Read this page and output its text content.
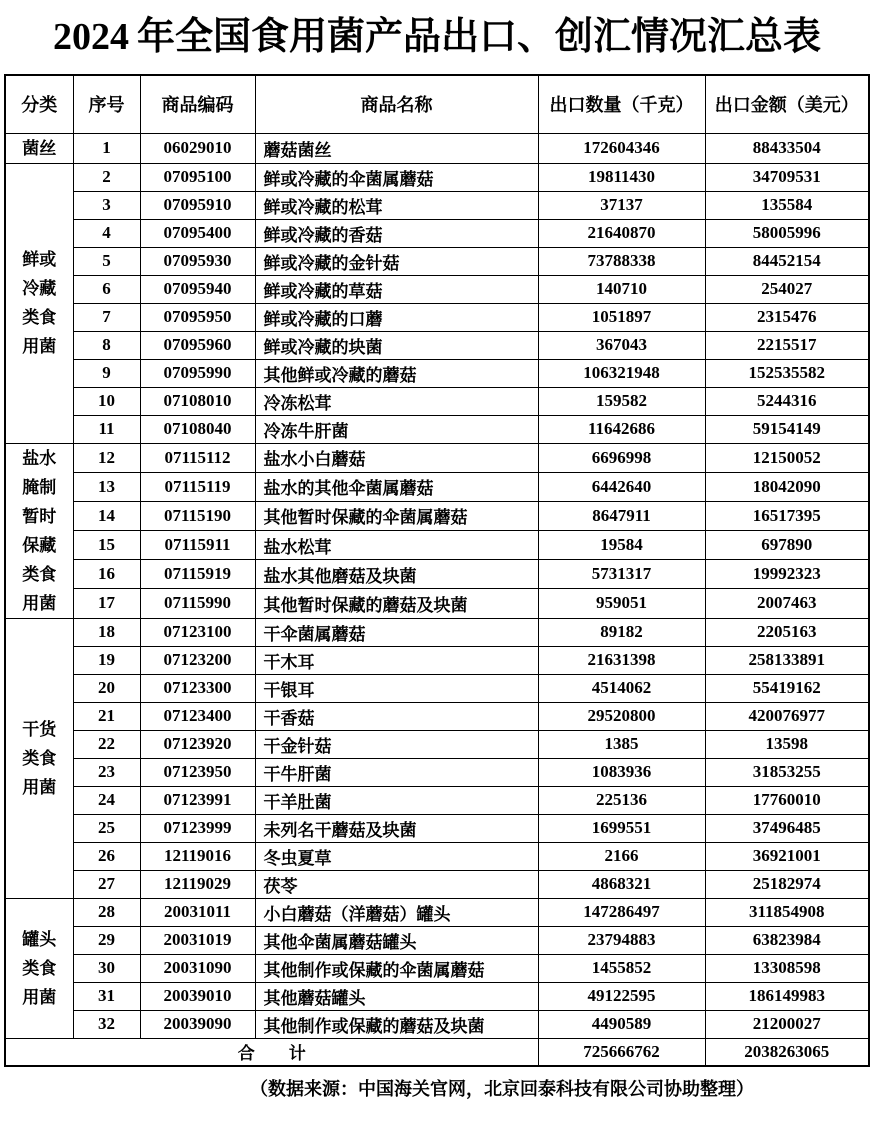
2024 年全国食用菌产品出口、创汇情况汇总表
分类	序号	商品编码	商品名称	出口数量（千克）	出口金额（美元）
菌丝	1	06029010	蘑菇菌丝	172604346	88433504
鲜或冷藏类食用菌	2	07095100	鲜或冷藏的伞菌属蘑菇	19811430	34709531
	3	07095910	鲜或冷藏的松茸	37137	135584
	4	07095400	鲜或冷藏的香菇	21640870	58005996
	5	07095930	鲜或冷藏的金针菇	73788338	84452154
	6	07095940	鲜或冷藏的草菇	140710	254027
	7	07095950	鲜或冷藏的口蘑	1051897	2315476
	8	07095960	鲜或冷藏的块菌	367043	2215517
	9	07095990	其他鲜或冷藏的蘑菇	106321948	152535582
	10	07108010	冷冻松茸	159582	5244316
	11	07108040	冷冻牛肝菌	11642686	59154149
盐水腌制暂时保藏类食用菌	12	07115112	盐水小白蘑菇	6696998	12150052
	13	07115119	盐水的其他伞菌属蘑菇	6442640	18042090
	14	07115190	其他暂时保藏的伞菌属蘑菇	8647911	16517395
	15	07115911	盐水松茸	19584	697890
	16	07115919	盐水其他磨菇及块菌	5731317	19992323
	17	07115990	其他暂时保藏的蘑菇及块菌	959051	2007463
干货类食用菌	18	07123100	干伞菌属蘑菇	89182	2205163
	19	07123200	干木耳	21631398	258133891
	20	07123300	干银耳	4514062	55419162
	21	07123400	干香菇	29520800	420076977
	22	07123920	干金针菇	1385	13598
	23	07123950	干牛肝菌	1083936	31853255
	24	07123991	干羊肚菌	225136	17760010
	25	07123999	未列名干蘑菇及块菌	1699551	37496485
	26	12119016	冬虫夏草	2166	36921001
	27	12119029	茯苓	4868321	25182974
罐头类食用菌	28	20031011	小白蘑菇（洋蘑菇）罐头	147286497	311854908
	29	20031019	其他伞菌属蘑菇罐头	23794883	63823984
	30	20031090	其他制作或保藏的伞菌属蘑菇	1455852	13308598
	31	20039010	其他蘑菇罐头	49122595	186149983
	32	20039090	其他制作或保藏的蘑菇及块菌	4490589	21200027
合　　计				725666762	2038263065
（数据来源：中国海关官网，北京回泰科技有限公司协助整理）
